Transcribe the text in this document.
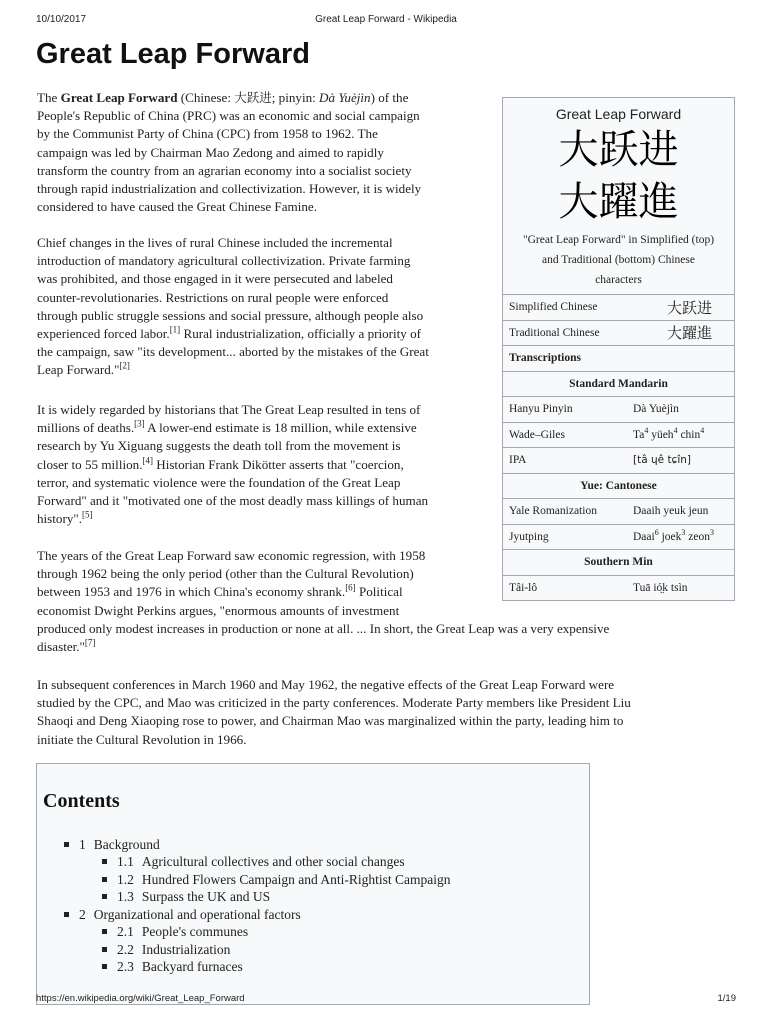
10/10/2017	Great Leap Forward - Wikipedia
Great Leap Forward
The Great Leap Forward (Chinese: 大跃进; pinyin: Dà Yuèjìn) of the
People's Republic of China (PRC) was an economic and social campaign
by the Communist Party of China (CPC) from 1958 to 1962. The
campaign was led by Chairman Mao Zedong and aimed to rapidly
transform the country from an agrarian economy into a socialist society
through rapid industrialization and collectivization. However, it is widely
considered to have caused the Great Chinese Famine.
Chief changes in the lives of rural Chinese included the incremental
introduction of mandatory agricultural collectivization. Private farming
was prohibited, and those engaged in it were persecuted and labeled
counter-revolutionaries. Restrictions on rural people were enforced
through public struggle sessions and social pressure, although people also
experienced forced labor.[1] Rural industrialization, officially a priority of
the campaign, saw "its development... aborted by the mistakes of the Great
Leap Forward."[2]
It is widely regarded by historians that The Great Leap resulted in tens of
millions of deaths.[3] A lower-end estimate is 18 million, while extensive
research by Yu Xiguang suggests the death toll from the movement is
closer to 55 million.[4] Historian Frank Dikötter asserts that "coercion,
terror, and systematic violence were the foundation of the Great Leap
Forward" and it "motivated one of the most deadly mass killings of human
history".[5]
The years of the Great Leap Forward saw economic regression, with 1958
through 1962 being the only period (other than the Cultural Revolution)
between 1953 and 1976 in which China's economy shrank.[6] Political
economist Dwight Perkins argues, "enormous amounts of investment
produced only modest increases in production or none at all. ... In short, the Great Leap was a very expensive
disaster."[7]
In subsequent conferences in March 1960 and May 1962, the negative effects of the Great Leap Forward were
studied by the CPC, and Mao was criticized in the party conferences. Moderate Party members like President Liu
Shaoqi and Deng Xiaoping rose to power, and Chairman Mao was marginalized within the party, leading him to
initiate the Cultural Revolution in 1966.
Great Leap Forward
大跃进
大躍進
"Great Leap Forward" in Simplified (top)
and Traditional (bottom) Chinese
characters
Simplified Chinese	大跃进
Traditional Chinese	大躍進
Transcriptions
Standard Mandarin
Hanyu Pinyin	Dà Yuèjìn
Wade–Giles	Ta$^4$ yüeh$^4$ chin$^4$
IPA	[tâ ɥê tɕîn]
Yue: Cantonese
Yale Romanization	Daaih yeuk jeun
Jyutping	Daai$^6$ joek$^3$ zeon$^3$
Southern Min
Tâi-lô	Tuā ió̤k tsìn
Contents
1 Background
1.1 Agricultural collectives and other social changes
1.2 Hundred Flowers Campaign and Anti-Rightist Campaign
1.3 Surpass the UK and US
2 Organizational and operational factors
2.1 People's communes
2.2 Industrialization
2.3 Backyard furnaces
https://en.wikipedia.org/wiki/Great_Leap_Forward	1/19
